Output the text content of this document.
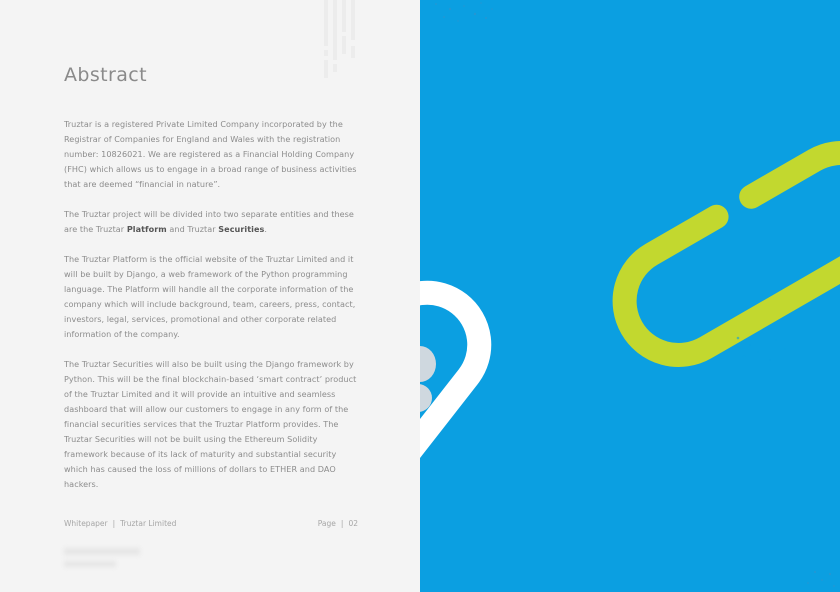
Abstract

Truztar is a registered Private Limited Company incorporated by the Registrar of Companies for England and Wales with the registration number: 10826021. We are registered as a Financial Holding Company (FHC) which allows us to engage in a broad range of business activities that are deemed “financial in nature”.

The Truztar project will be divided into two separate entities and these are the Truztar Platform and Truztar Securities.

The Truztar Platform is the official website of the Truztar Limited and it will be built by Django, a web framework of the Python programming language. The Platform will handle all the corporate information of the company which will include background, team, careers, press, contact, investors, legal, services, promotional and other corporate related information of the company.

The Truztar Securities will also be built using the Django framework by Python. This will be the final blockchain-based ‘smart contract’ product of the Truztar Limited and it will provide an intuitive and seamless dashboard that will allow our customers to engage in any form of the financial securities services that the Truztar Platform provides. The Truztar Securities will not be built using the Ethereum Solidity framework because of its lack of maturity and substantial security which has caused the loss of millions of dollars to ETHER and DAO hackers.

Whitepaper | Truztar Limited	Page | 02
